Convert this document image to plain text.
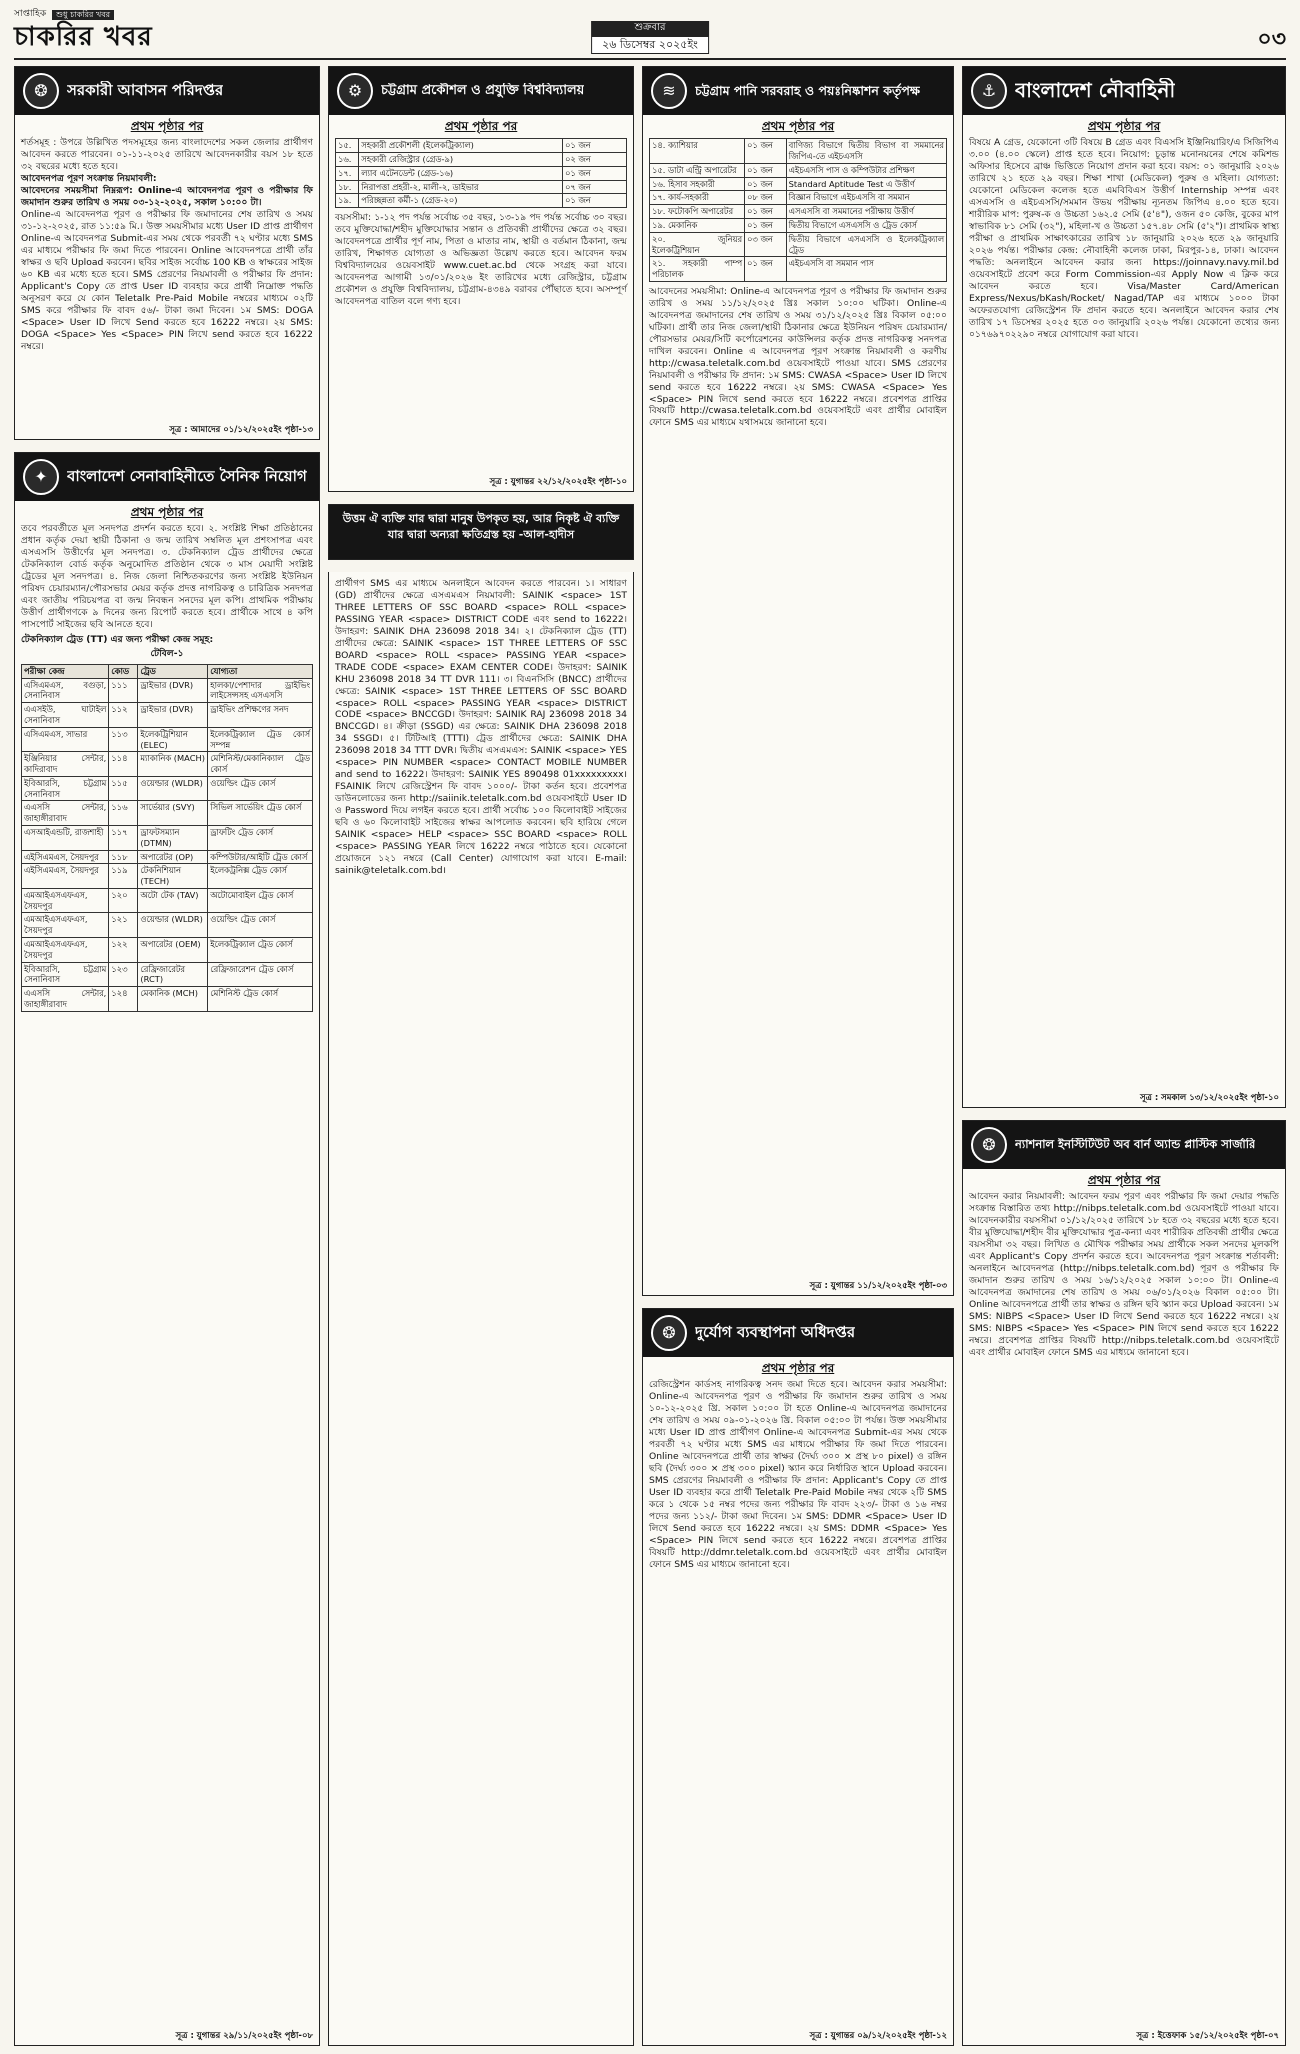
সাপ্তাহিক	শুধু চাকরির খবর
চাকরির খবর	শুক্রবার
২৬ ডিসেম্বর ২০২৫ইং	০৩
❂	সরকারী আবাসন পরিদপ্তর
প্রথম পৃষ্ঠার পর

শর্তসমূহ : উপরে উল্লিখিত পদসমূহের জন্য বাংলাদেশের সকল জেলার প্রার্থীগণ আবেদন করতে পারবেন। ০১-১১-২০২৫ তারিখে আবেদনকারীর বয়স ১৮ হতে ৩২ বছরের মধ্যে হতে হবে।

আবেদনপত্র পূরণ সংক্রান্ত নিয়মাবলী:

আবেদনের সময়সীমা নিম্নরূপ: Online-এ আবেদনপত্র পূরণ ও পরীক্ষার ফি জমাদান শুরুর তারিখ ও সময় ০৩-১২-২০২৫, সকাল ১০:০০ টা।

Online-এ আবেদনপত্র পূরণ ও পরীক্ষার ফি জমাদানের শেষ তারিখ ও সময় ৩১-১২-২০২৫, রাত ১১:৫৯ মি.। উক্ত সময়সীমার মধ্যে User ID প্রাপ্ত প্রার্থীগণ Online-এ আবেদনপত্র Submit-এর সময় থেকে পরবর্তী ৭২ ঘণ্টার মধ্যে SMS এর মাধ্যমে পরীক্ষার ফি জমা দিতে পারবেন। Online আবেদনপত্রে প্রার্থী তাঁর স্বাক্ষর ও ছবি Upload করবেন। ছবির সাইজ সর্বোচ্চ 100 KB ও স্বাক্ষরের সাইজ ৬০ KB এর মধ্যে হতে হবে। SMS প্রেরণের নিয়মাবলী ও পরীক্ষার ফি প্রদান: Applicant's Copy তে প্রাপ্ত User ID ব্যবহার করে প্রার্থী নিম্নোক্ত পদ্ধতি অনুসরণ করে যে কোন Teletalk Pre-Paid Mobile নম্বরের মাধ্যমে ০২টি SMS করে পরীক্ষার ফি বাবদ ৫৬/- টাকা জমা দিবেন। ১ম SMS: DOGA <Space> User ID লিখে Send করতে হবে 16222 নম্বরে। ২য় SMS: DOGA <Space> Yes <Space> PIN লিখে send করতে হবে 16222 নম্বরে।

সূত্র : আমাদের ০১/১২/২০২৫ইং পৃষ্ঠা-১৩
✦	বাংলাদেশ সেনাবাহিনীতে সৈনিক নিয়োগ
প্রথম পৃষ্ঠার পর

তবে পরবর্তীতে মূল সনদপত্র প্রদর্শন করতে হবে। ২. সংশ্লিষ্ট শিক্ষা প্রতিষ্ঠানের প্রধান কর্তৃক দেয়া স্থায়ী ঠিকানা ও জন্ম তারিখ সম্বলিত মূল প্রশংসাপত্র এবং এসএসসি উত্তীর্ণের মূল সনদপত্র। ৩. টেকনিক্যাল ট্রেড প্রার্থীদের ক্ষেত্রে টেকনিক্যাল বোর্ড কর্তৃক অনুমোদিত প্রতিষ্ঠান থেকে ৩ মাস মেয়াদী সংশ্লিষ্ট ট্রেডের মূল সনদপত্র। ৪. নিজ জেলা নিশ্চিতকরণের জন্য সংশ্লিষ্ট ইউনিয়ন পরিষদ চেয়ারম্যান/পৌরসভার মেয়র কর্তৃক প্রদত্ত নাগরিকত্ব ও চারিত্রিক সনদপত্র এবং জাতীয় পরিচয়পত্র বা জন্ম নিবন্ধন সনদের মূল কপি। প্রাথমিক পরীক্ষায় উত্তীর্ণ প্রার্থীগণকে ৯ দিনের জন্য রিপোর্ট করতে হবে। প্রার্থীকে সাথে ৪ কপি পাসপোর্ট সাইজের ছবি আনতে হবে।

টেকনিক্যাল ট্রেড (TT) এর জন্য পরীক্ষা কেন্দ্র সমূহ:

টেবিল-১

পরীক্ষা কেন্দ্র	কোড	ট্রেড	যোগ্যতা
এসিএমএস, বগুড়া, সেনানিবাস	১১১	ড্রাইভার (DVR)	হালকা/পেশাদার ড্রাইভিং লাইসেন্সসহ এসএসসি
এএসইউ, ঘাটাইল সেনানিবাস	১১২	ড্রাইভার (DVR)	ড্রাইভিং প্রশিক্ষণের সনদ
এসিএমএস, সাভার	১১৩	ইলেকট্রিশিয়ান (ELEC)	ইলেকট্রিক্যাল ট্রেড কোর্স সম্পন্ন
ইঞ্জিনিয়ার সেন্টার, কাদিরাবাদ	১১৪	ম্যাকানিক (MACH)	মেশিনিস্ট/মেকানিক্যাল ট্রেড কোর্স
ইবিআরসি, চট্টগ্রাম সেনানিবাস	১১৫	ওয়েল্ডার (WLDR)	ওয়েল্ডিং ট্রেড কোর্স
এএসসি সেন্টার, জাহাঙ্গীরাবাদ	১১৬	সার্ভেয়ার (SVY)	সিভিল সার্ভেয়িং ট্রেড কোর্স
এসআইএন্ডটি, রাজশাহী	১১৭	ড্রাফটসম্যান (DTMN)	ড্রাফটিং ট্রেড কোর্স
এইসিএমএস, সৈয়দপুর	১১৮	অপারেটর (OP)	কম্পিউটার/আইটি ট্রেড কোর্স
এইসিএমএস, সৈয়দপুর	১১৯	টেকনিশিয়ান (TECH)	ইলেকট্রনিক্স ট্রেড কোর্স
এমআইএসএফএস, সৈয়দপুর	১২০	অটো টেক (TAV)	অটোমোবাইল ট্রেড কোর্স
এমআইএসএফএস, সৈয়দপুর	১২১	ওয়েল্ডার (WLDR)	ওয়েল্ডিং ট্রেড কোর্স
এমআইএসএফএস, সৈয়দপুর	১২২	অপারেটর (OEM)	ইলেকট্রিক্যাল ট্রেড কোর্স
ইবিআরসি, চট্টগ্রাম সেনানিবাস	১২৩	রেফ্রিজারেটর (RCT)	রেফ্রিজারেশন ট্রেড কোর্স
এএসসি সেন্টার, জাহাঙ্গীরাবাদ	১২৪	মেকানিক (MCH)	মেশিনিস্ট ট্রেড কোর্স
সূত্র : যুগান্তর ২৯/১১/২০২৫ইং পৃষ্ঠা-০৮
⚙	চট্টগ্রাম প্রকৌশল ও প্রযুক্তি বিশ্ববিদ্যালয়
প্রথম পৃষ্ঠার পর
১৫.	সহকারী প্রকৌশলী (ইলেকট্রিক্যাল)	০১ জন
১৬.	সহকারী রেজিস্ট্রার (গ্রেড-৯)	০২ জন
১৭.	ল্যাব এটেনডেন্ট (গ্রেড-১৬)	০১ জন
১৮.	নিরাপত্তা প্রহরী-২, মালী-২, ডাইভার	০৭ জন
১৯.	পরিচ্ছন্নতা কর্মী-১ (গ্রেড-২০)	০১ জন

বয়সসীমা: ১-১২ পদ পর্যন্ত সর্বোচ্চ ৩৫ বছর, ১৩-১৯ পদ পর্যন্ত সর্বোচ্চ ৩০ বছর। তবে মুক্তিযোদ্ধা/শহীদ মুক্তিযোদ্ধার সন্তান ও প্রতিবন্ধী প্রার্থীদের ক্ষেত্রে ৩২ বছর। আবেদনপত্রে প্রার্থীর পূর্ণ নাম, পিতা ও মাতার নাম, স্থায়ী ও বর্তমান ঠিকানা, জন্ম তারিখ, শিক্ষাগত যোগ্যতা ও অভিজ্ঞতা উল্লেখ করতে হবে। আবেদন ফরম বিশ্ববিদ্যালয়ের ওয়েবসাইট www.cuet.ac.bd থেকে সংগ্রহ করা যাবে। আবেদনপত্র আগামী ১৩/০১/২০২৬ ইং তারিখের মধ্যে রেজিস্ট্রার, চট্টগ্রাম প্রকৌশল ও প্রযুক্তি বিশ্ববিদ্যালয়, চট্টগ্রাম-৪৩৪৯ বরাবর পৌঁছাতে হবে। অসম্পূর্ণ আবেদনপত্র বাতিল বলে গণ্য হবে।

সূত্র : যুগান্তর ২২/১২/২০২৫ইং পৃষ্ঠা-১০
উত্তম ঐ ব্যক্তি যার দ্বারা মানুষ উপকৃত হয়, আর নিকৃষ্ট ঐ ব্যক্তি যার দ্বারা অন্যরা ক্ষতিগ্রস্ত হয় -আল-হাদীস

প্রার্থীগণ SMS এর মাধ্যমে অনলাইনে আবেদন করতে পারবেন। ১। সাধারণ (GD) প্রার্থীদের ক্ষেত্রে এসএমএস নিয়মাবলী: SAINIK <space> 1ST THREE LETTERS OF SSC BOARD <space> ROLL <space> PASSING YEAR <space> DISTRICT CODE এবং send to 16222। উদাহরণ: SAINIK DHA 236098 2018 34। ২। টেকনিক্যাল ট্রেড (TT) প্রার্থীদের ক্ষেত্রে: SAINIK <space> 1ST THREE LETTERS OF SSC BOARD <space> ROLL <space> PASSING YEAR <space> TRADE CODE <space> EXAM CENTER CODE। উদাহরণ: SAINIK KHU 236098 2018 34 TT DVR 111। ৩। বিএনসিসি (BNCC) প্রার্থীদের ক্ষেত্রে: SAINIK <space> 1ST THREE LETTERS OF SSC BOARD <space> ROLL <space> PASSING YEAR <space> DISTRICT CODE <space> BNCCGD। উদাহরণ: SAINIK RAJ 236098 2018 34 BNCCGD। ৪। ক্রীড়া (SSGD) এর ক্ষেত্রে: SAINIK DHA 236098 2018 34 SSGD। ৫। টিটিআই (TTTI) ট্রেড প্রার্থীদের ক্ষেত্রে: SAINIK DHA 236098 2018 34 TTT DVR। দ্বিতীয় এসএমএস: SAINIK <space> YES <space> PIN NUMBER <space> CONTACT MOBILE NUMBER and send to 16222। উদাহরণ: SAINIK YES 890498 01xxxxxxxxx। FSAINIK লিখে রেজিস্ট্রেশন ফি বাবদ ১০০০/- টাকা কর্তন হবে। প্রবেশপত্র ডাউনলোডের জন্য http://saiinik.teletalk.com.bd ওয়েবসাইটে User ID ও Password দিয়ে লগইন করতে হবে। প্রার্থী সর্বোচ্চ ১০০ কিলোবাইট সাইজের ছবি ও ৬০ কিলোবাইট সাইজের স্বাক্ষর আপলোড করবেন। ছবি হারিয়ে গেলে SAINIK <space> HELP <space> SSC BOARD <space> ROLL <space> PASSING YEAR লিখে 16222 নম্বরে পাঠাতে হবে। যেকোনো প্রয়োজনে ১২১ নম্বরে (Call Center) যোগাযোগ করা যাবে। E-mail: sainik@teletalk.com.bd।

≋	চট্টগ্রাম পানি সরবরাহ ও পয়ঃনিষ্কাশন কর্তৃপক্ষ
প্রথম পৃষ্ঠার পর
১৪. ক্যাশিয়ার	০১ জন	বাণিজ্য বিভাগে দ্বিতীয় বিভাগ বা সমমানের জিপিএ-তে এইচএসসি
১৫. ডাটা এন্ট্রি অপারেটর	০১ জন	এইচএসসি পাস ও কম্পিউটার প্রশিক্ষণ
১৬. হিসাব সহকারী	০১ জন	Standard Aptitude Test এ উত্তীর্ণ
১৭. কার্য-সহকারী	০৮ জন	বিজ্ঞান বিভাগে এইচএসসি বা সমমান
১৮. ফটোকপি অপারেটর	০১ জন	এসএসসি বা সমমানের পরীক্ষায় উত্তীর্ণ
১৯. মেকানিক	০১ জন	দ্বিতীয় বিভাগে এসএসসি ও ট্রেড কোর্স
২০. জুনিয়র ইলেকট্রিশিয়ান	০৩ জন	দ্বিতীয় বিভাগে এসএসসি ও ইলেকট্রিক্যাল ট্রেড
২১. সহকারী পাম্প পরিচালক	০১ জন	এইচএসসি বা সমমান পাস

আবেদনের সময়সীমা: Online-এ আবেদনপত্র পূরণ ও পরীক্ষার ফি জমাদান শুরুর তারিখ ও সময় ১১/১২/২০২৫ খ্রিঃ সকাল ১০:০০ ঘটিকা। Online-এ আবেদনপত্র জমাদানের শেষ তারিখ ও সময় ৩১/১২/২০২৫ খ্রিঃ বিকাল ০৫:০০ ঘটিকা। প্রার্থী তার নিজ জেলা/স্থায়ী ঠিকানার ক্ষেত্রে ইউনিয়ন পরিষদ চেয়ারম্যান/পৌরসভার মেয়র/সিটি কর্পোরেশনের কাউন্সিলর কর্তৃক প্রদত্ত নাগরিকত্ব সনদপত্র দাখিল করবেন। Online এ আবেদনপত্র পূরণ সংক্রান্ত নিয়মাবলী ও করণীয় http://cwasa.teletalk.com.bd ওয়েবসাইটে পাওয়া যাবে। SMS প্রেরণের নিয়মাবলী ও পরীক্ষার ফি প্রদান: ১ম SMS: CWASA <Space> User ID লিখে send করতে হবে 16222 নম্বরে। ২য় SMS: CWASA <Space> Yes <Space> PIN লিখে send করতে হবে 16222 নম্বরে। প্রবেশপত্র প্রাপ্তির বিষয়টি http://cwasa.teletalk.com.bd ওয়েবসাইটে এবং প্রার্থীর মোবাইল ফোনে SMS এর মাধ্যমে যথাসময়ে জানানো হবে।

সূত্র : যুগান্তর ১১/১২/২০২৫ইং পৃষ্ঠা-০৩
❂	দুর্যোগ ব্যবস্থাপনা অধিদপ্তর
প্রথম পৃষ্ঠার পর

রেজিস্ট্রেশন কার্ডসহ নাগরিকত্ব সনদ জমা দিতে হবে। আবেদন করার সময়সীমা: Online-এ আবেদনপত্র পূরণ ও পরীক্ষার ফি জমাদান শুরুর তারিখ ও সময় ১০-১২-২০২৫ খ্রি. সকাল ১০:০০ টা হতে Online-এ আবেদনপত্র জমাদানের শেষ তারিখ ও সময় ০৯-০১-২০২৬ খ্রি. বিকাল ০৫:০০ টা পর্যন্ত। উক্ত সময়সীমার মধ্যে User ID প্রাপ্ত প্রার্থীগণ Online-এ আবেদনপত্র Submit-এর সময় থেকে পরবর্তী ৭২ ঘণ্টার মধ্যে SMS এর মাধ্যমে পরীক্ষার ফি জমা দিতে পারবেন। Online আবেদনপত্রে প্রার্থী তার স্বাক্ষর (দৈর্ঘ্য ৩০০ × প্রস্থ ৮০ pixel) ও রঙ্গিন ছবি (দৈর্ঘ্য ৩০০ × প্রস্থ ৩০০ pixel) স্ক্যান করে নির্ধারিত স্থানে Upload করবেন। SMS প্রেরণের নিয়মাবলী ও পরীক্ষার ফি প্রদান: Applicant's Copy তে প্রাপ্ত User ID ব্যবহার করে প্রার্থী Teletalk Pre-Paid Mobile নম্বর থেকে ২টি SMS করে ১ থেকে ১৫ নম্বর পদের জন্য পরীক্ষার ফি বাবদ ২২৩/- টাকা ও ১৬ নম্বর পদের জন্য ১১২/- টাকা জমা দিবেন। ১ম SMS: DDMR <Space> User ID লিখে Send করতে হবে 16222 নম্বরে। ২য় SMS: DDMR <Space> Yes <Space> PIN লিখে send করতে হবে 16222 নম্বরে। প্রবেশপত্র প্রাপ্তির বিষয়টি http://ddmr.teletalk.com.bd ওয়েবসাইটে এবং প্রার্থীর মোবাইল ফোনে SMS এর মাধ্যমে জানানো হবে।

সূত্র : যুগান্তর ০৯/১২/২০২৫ইং পৃষ্ঠা-১২
⚓ বাংলাদেশ নৌবাহিনী
প্রথম পৃষ্ঠার পর

বিষয়ে A গ্রেড, যেকোনো ৩টি বিষয়ে B গ্রেড এবং বিএসসি ইঞ্জিনিয়ারিং/এ সিজিপিএ ৩.০০ (৪.০০ স্কেলে) প্রাপ্ত হতে হবে। নিয়োগ: চূড়ান্ত মনোনয়নের শেষে কমিশন্ড অফিসার হিসেবে ব্রাঞ্চ ভিত্তিতে নিয়োগ প্রদান করা হবে। বয়স: ০১ জানুয়ারি ২০২৬ তারিখে ২১ হতে ২৯ বছর। শিক্ষা শাখা (মেডিকেল) পুরুষ ও মহিলা। যোগ্যতা: যেকোনো মেডিকেল কলেজ হতে এমবিবিএস উত্তীর্ণ Internship সম্পন্ন এবং এসএসসি ও এইচএসসি/সমমান উভয় পরীক্ষায় ন্যূনতম জিপিএ ৪.০০ হতে হবে। শারীরিক মাপ: পুরুষ-ক ও উচ্চতা ১৬২.৫ সেমি (৫'৪"), ওজন ৫০ কেজি, বুকের মাপ স্বাভাবিক ৮১ সেমি (৩২"), মহিলা-খ ও উচ্চতা ১৫৭.৪৮ সেমি (৫'২")। প্রাথমিক স্বাস্থ্য পরীক্ষা ও প্রাথমিক সাক্ষাৎকারের তারিখ ১৮ জানুয়ারি ২০২৬ হতে ২৯ জানুয়ারি ২০২৬ পর্যন্ত। পরীক্ষার কেন্দ্র: নৌবাহিনী কলেজ ঢাকা, মিরপুর-১৪, ঢাকা। আবেদন পদ্ধতি: অনলাইনে আবেদন করার জন্য https://joinnavy.navy.mil.bd ওয়েবসাইটে প্রবেশ করে Form Commission-এর Apply Now এ ক্লিক করে আবেদন করতে হবে। Visa/Master Card/American Express/Nexus/bKash/Rocket/ Nagad/TAP এর মাধ্যমে ১০০০ টাকা অফেরতযোগ্য রেজিস্ট্রেশন ফি প্রদান করতে হবে। অনলাইনে আবেদন করার শেষ তারিখ ১৭ ডিসেম্বর ২০২৫ হতে ০৩ জানুয়ারি ২০২৬ পর্যন্ত। যেকোনো তথ্যের জন্য ০১৭৬৯৭০২২৯০ নম্বরে যোগাযোগ করা যাবে।

সূত্র : সমকাল ১৩/১২/২০২৫ইং পৃষ্ঠা-১০
❂	ন্যাশনাল ইনস্টিটিউট অব বার্ন অ্যান্ড প্লাস্টিক সার্জারি
প্রথম পৃষ্ঠার পর

আবেদন করার নিয়মাবলী: আবেদন ফরম পূরণ এবং পরীক্ষার ফি জমা দেয়ার পদ্ধতি সংক্রান্ত বিস্তারিত তথ্য http://nibps.teletalk.com.bd ওয়েবসাইটে পাওয়া যাবে। আবেদনকারীর বয়সসীমা ০১/১২/২০২৫ তারিখে ১৮ হতে ৩২ বছরের মধ্যে হতে হবে। বীর মুক্তিযোদ্ধা/শহীদ বীর মুক্তিযোদ্ধার পুত্র-কন্যা এবং শারীরিক প্রতিবন্ধী প্রার্থীর ক্ষেত্রে বয়সসীমা ৩২ বছর। লিখিত ও মৌখিক পরীক্ষার সময় প্রার্থীকে সকল সনদের মূলকপি এবং Applicant's Copy প্রদর্শন করতে হবে। আবেদনপত্র পূরণ সংক্রান্ত শর্তাবলী: অনলাইনে আবেদনপত্র (http://nibps.teletalk.com.bd) পূরণ ও পরীক্ষার ফি জমাদান শুরুর তারিখ ও সময় ১৬/১২/২০২৫ সকাল ১০:০০ টা। Online-এ আবেদনপত্র জমাদানের শেষ তারিখ ও সময় ০৬/০১/২০২৬ বিকাল ০৫:০০ টা। Online আবেদনপত্রে প্রার্থী তার স্বাক্ষর ও রঙ্গিন ছবি স্ক্যান করে Upload করবেন। ১ম SMS: NIBPS <Space> User ID লিখে Send করতে হবে 16222 নম্বরে। ২য় SMS: NIBPS <Space> Yes <Space> PIN লিখে send করতে হবে 16222 নম্বরে। প্রবেশপত্র প্রাপ্তির বিষয়টি http://nibps.teletalk.com.bd ওয়েবসাইটে এবং প্রার্থীর মোবাইল ফোনে SMS এর মাধ্যমে জানানো হবে।

সূত্র : ইত্তেফাক ১৫/১২/২০২৫ইং পৃষ্ঠা-০৭
